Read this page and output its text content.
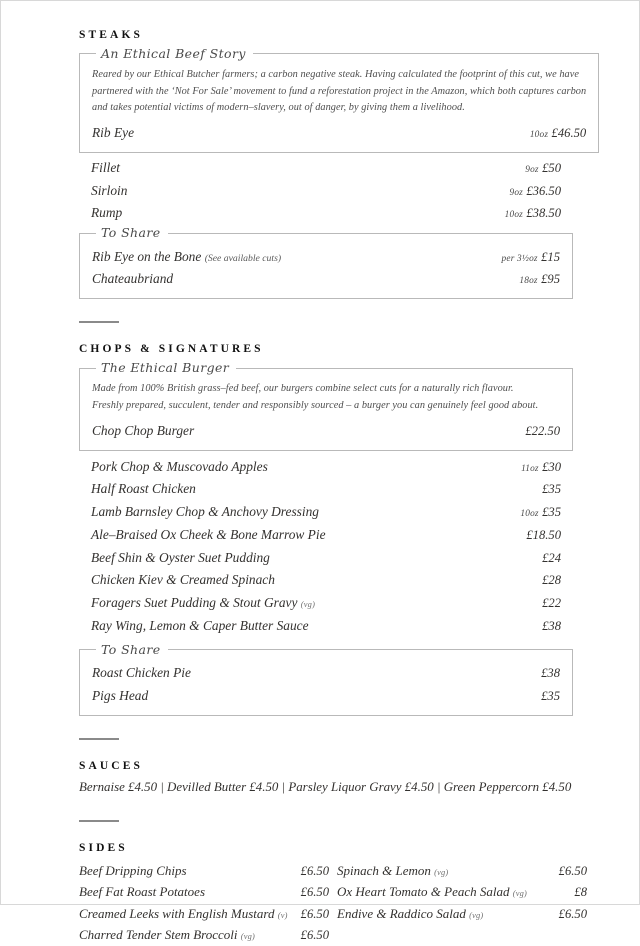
STEAKS
An Ethical Beef Story
Reared by our Ethical Butcher farmers; a carbon negative steak. Having calculated the footprint of this cut, we have
partnered with the ‘Not For Sale’ movement to fund a reforestation project in the Amazon, which both captures carbon
and takes potential victims of modern–slavery, out of danger, by giving them a livelihood.
Rib Eye	10oz £46.50
Fillet	9oz £50
Sirloin	9oz £36.50
Rump	10oz £38.50
To Share
Rib Eye on the Bone (See available cuts)	per 3½oz £15
Chateaubriand	18oz £95
CHOPS & SIGNATURES
The Ethical Burger
Made from 100% British grass–fed beef, our burgers combine select cuts for a naturally rich flavour.
Freshly prepared, succulent, tender and responsibly sourced – a burger you can genuinely feel good about.
Chop Chop Burger	£22.50
Pork Chop & Muscovado Apples	11oz £30
Half Roast Chicken	£35
Lamb Barnsley Chop & Anchovy Dressing	10oz £35
Ale–Braised Ox Cheek & Bone Marrow Pie	£18.50
Beef Shin & Oyster Suet Pudding	£24
Chicken Kiev & Creamed Spinach	£28
Foragers Suet Pudding & Stout Gravy (vg)	£22
Ray Wing, Lemon & Caper Butter Sauce	£38
To Share
Roast Chicken Pie	£38
Pigs Head	£35
SAUCES
Bernaise £4.50 | Devilled Butter £4.50 | Parsley Liquor Gravy £4.50 | Green Peppercorn £4.50
SIDES
Beef Dripping Chips	£6.50
Beef Fat Roast Potatoes	£6.50
Creamed Leeks with English Mustard (v)	£6.50
Charred Tender Stem Broccoli (vg)	£6.50
Spinach & Lemon (vg)	£6.50
Ox Heart Tomato & Peach Salad (vg)	£8
Endive & Raddico Salad (vg)	£6.50
